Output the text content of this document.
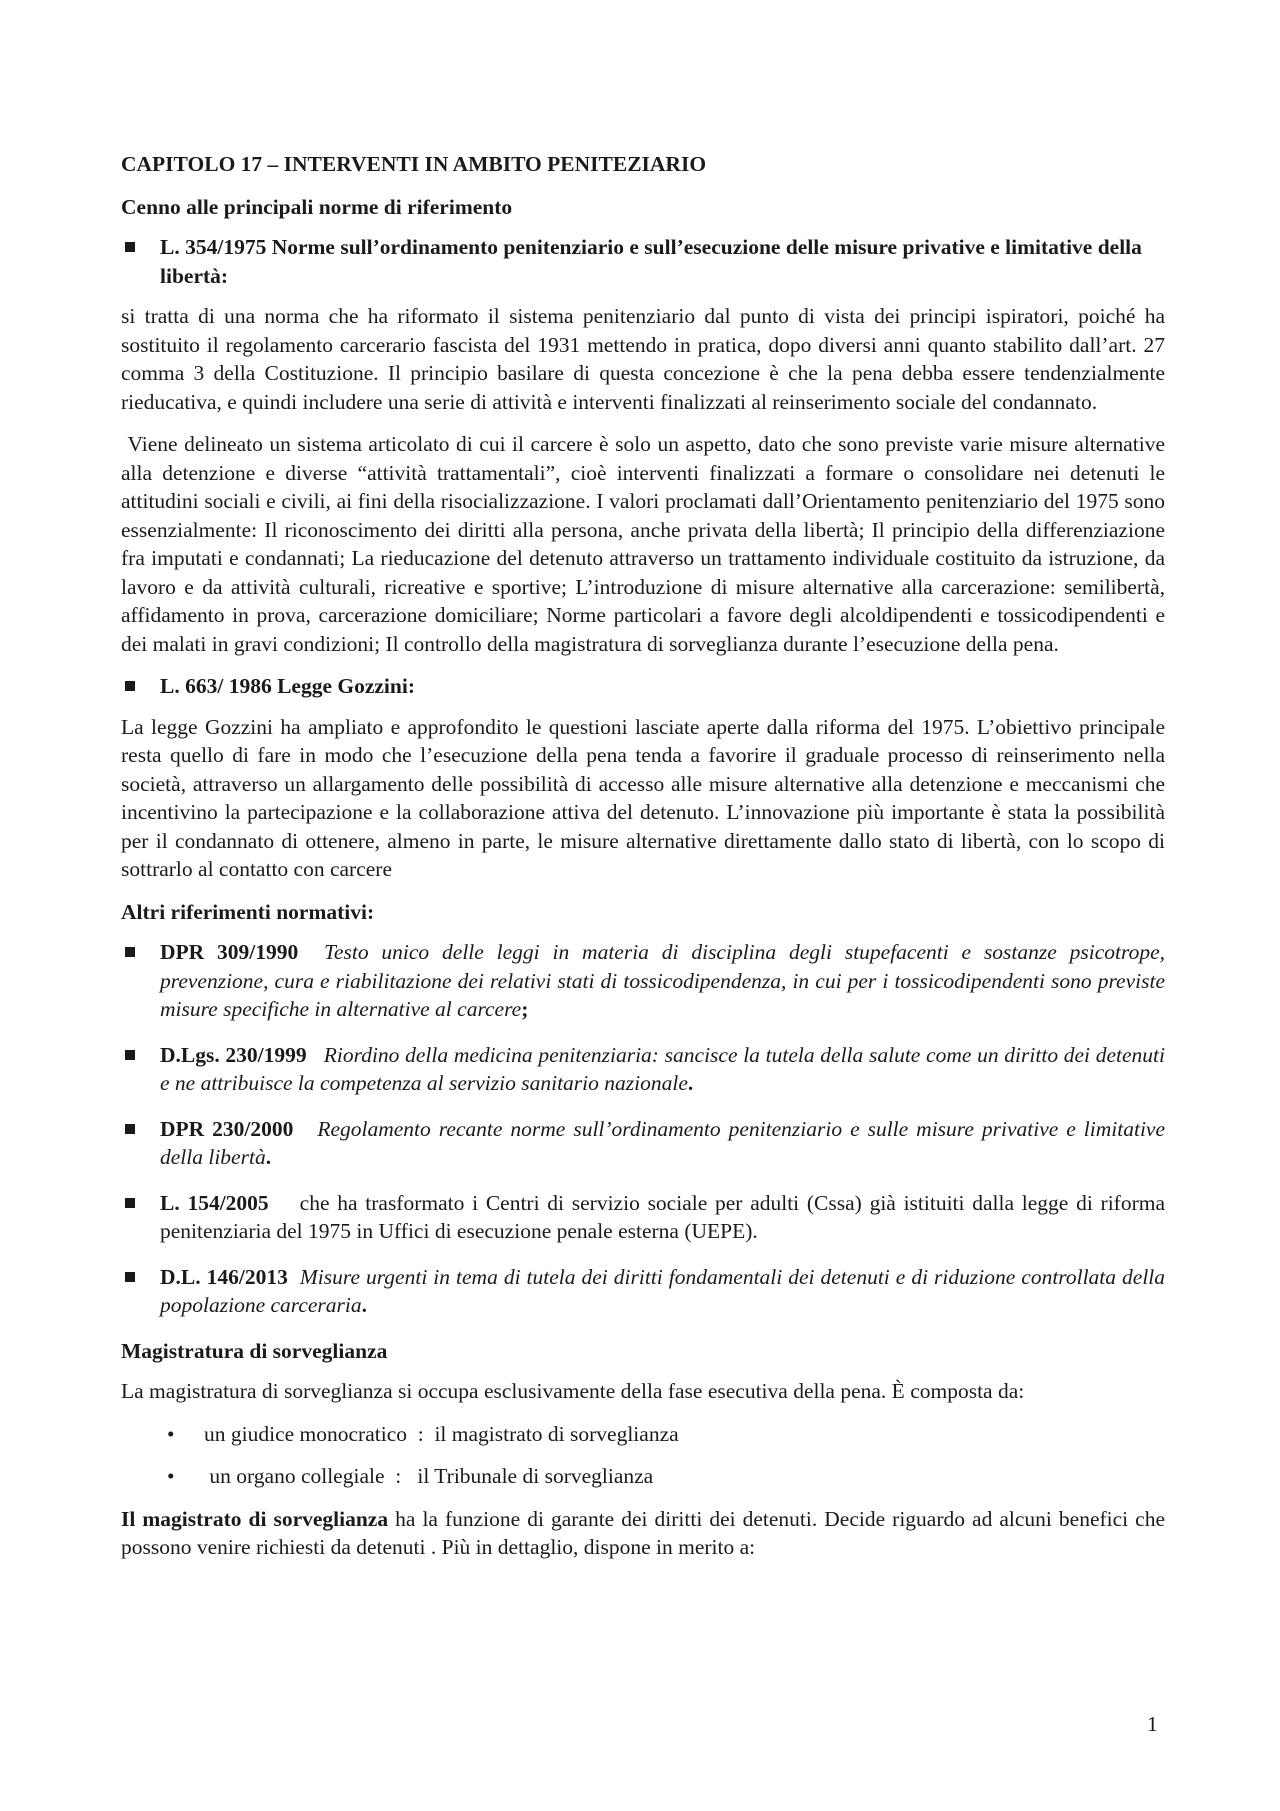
CAPITOLO 17 – INTERVENTI IN AMBITO PENITEZIARIO
Cenno alle principali norme di riferimento
L. 354/1975 Norme sull’ordinamento penitenziario e sull’esecuzione delle misure privative e limitative della libertà:

si tratta di una norma che ha riformato il sistema penitenziario dal punto di vista dei principi ispiratori, poiché ha sostituito il regolamento carcerario fascista del 1931 mettendo in pratica, dopo diversi anni quanto stabilito dall’art. 27 comma 3 della Costituzione. Il principio basilare di questa concezione è che la pena debba essere tendenzialmente rieducativa, e quindi includere una serie di attività e interventi finalizzati al reinserimento sociale del condannato.

Viene delineato un sistema articolato di cui il carcere è solo un aspetto, dato che sono previste varie misure alternative alla detenzione e diverse “attività trattamentali”, cioè interventi finalizzati a formare o consolidare nei detenuti le attitudini sociali e civili, ai fini della risocializzazione. I valori proclamati dall’Orientamento penitenziario del 1975 sono essenzialmente: Il riconoscimento dei diritti alla persona, anche privata della libertà; Il principio della differenziazione fra imputati e condannati; La rieducazione del detenuto attraverso un trattamento individuale costituito da istruzione, da lavoro e da attività culturali, ricreative e sportive; L’introduzione di misure alternative alla carcerazione: semilibertà, affidamento in prova, carcerazione domiciliare; Norme particolari a favore degli alcoldipendenti e tossicodipendenti e dei malati in gravi condizioni; Il controllo della magistratura di sorveglianza durante l’esecuzione della pena.

L. 663/ 1986 Legge Gozzini:

La legge Gozzini ha ampliato e approfondito le questioni lasciate aperte dalla riforma del 1975. L’obiettivo principale resta quello di fare in modo che l’esecuzione della pena tenda a favorire il graduale processo di reinserimento nella società, attraverso un allargamento delle possibilità di accesso alle misure alternative alla detenzione e meccanismi che incentivino la partecipazione e la collaborazione attiva del detenuto. L’innovazione più importante è stata la possibilità per il condannato di ottenere, almeno in parte, le misure alternative direttamente dallo stato di libertà, con lo scopo di sottrarlo al contatto con carcere

Altri riferimenti normativi:
DPR 309/1990 Testo unico delle leggi in materia di disciplina degli stupefacenti e sostanze psicotrope, prevenzione, cura e riabilitazione dei relativi stati di tossicodipendenza, in cui per i tossicodipendenti sono previste misure specifiche in alternative al carcere;
D.Lgs. 230/1999 Riordino della medicina penitenziaria: sancisce la tutela della salute come un diritto dei detenuti e ne attribuisce la competenza al servizio sanitario nazionale.
DPR 230/2000 Regolamento recante norme sull’ordinamento penitenziario e sulle misure privative e limitative della libertà.
L. 154/2005 che ha trasformato i Centri di servizio sociale per adulti (Cssa) già istituiti dalla legge di riforma penitenziaria del 1975 in Uffici di esecuzione penale esterna (UEPE).
D.L. 146/2013 Misure urgenti in tema di tutela dei diritti fondamentali dei detenuti e di riduzione controllata della popolazione carceraria.
Magistratura di sorveglianza

La magistratura di sorveglianza si occupa esclusivamente della fase esecutiva della pena. È composta da:

• un giudice monocratico  :  il magistrato di sorveglianza
• un organo collegiale  :   il Tribunale di sorveglianza

Il magistrato di sorveglianza ha la funzione di garante dei diritti dei detenuti. Decide riguardo ad alcuni benefici che possono venire richiesti da detenuti . Più in dettaglio, dispone in merito a:

1
